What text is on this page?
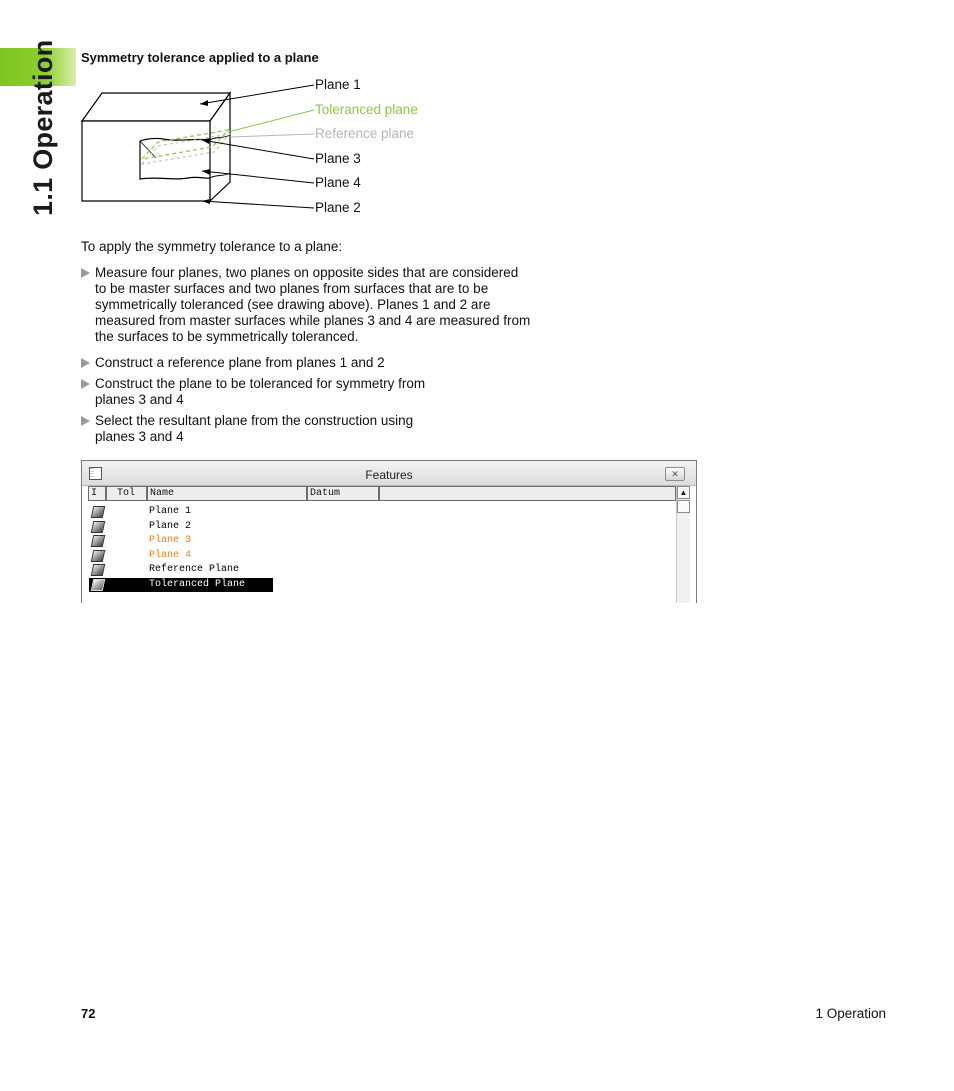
1.1 Operation Symmetry tolerance applied to a plane
Plane 1
Toleranced plane
Reference plane
Plane 3
Plane 4
Plane 2
To apply the symmetry tolerance to a plane:
Measure four planes, two planes on opposite sides that are considered to be master surfaces and two planes from surfaces that are to be symmetrically toleranced (see drawing above). Planes 1 and 2 are measured from master surfaces while planes 3 and 4 are measured from the surfaces to be symmetrically toleranced.
Construct a reference plane from planes 1 and 2
Construct the plane to be toleranced for symmetry from planes 3 and 4
Select the resultant plane from the construction using planes 3 and 4
::
::	Features	✕
I	Tol	Name	Datum	▲
Plane 1
Plane 2
Plane 3
Plane 4
Reference Plane
Toleranced Plane
72	1 Operation
